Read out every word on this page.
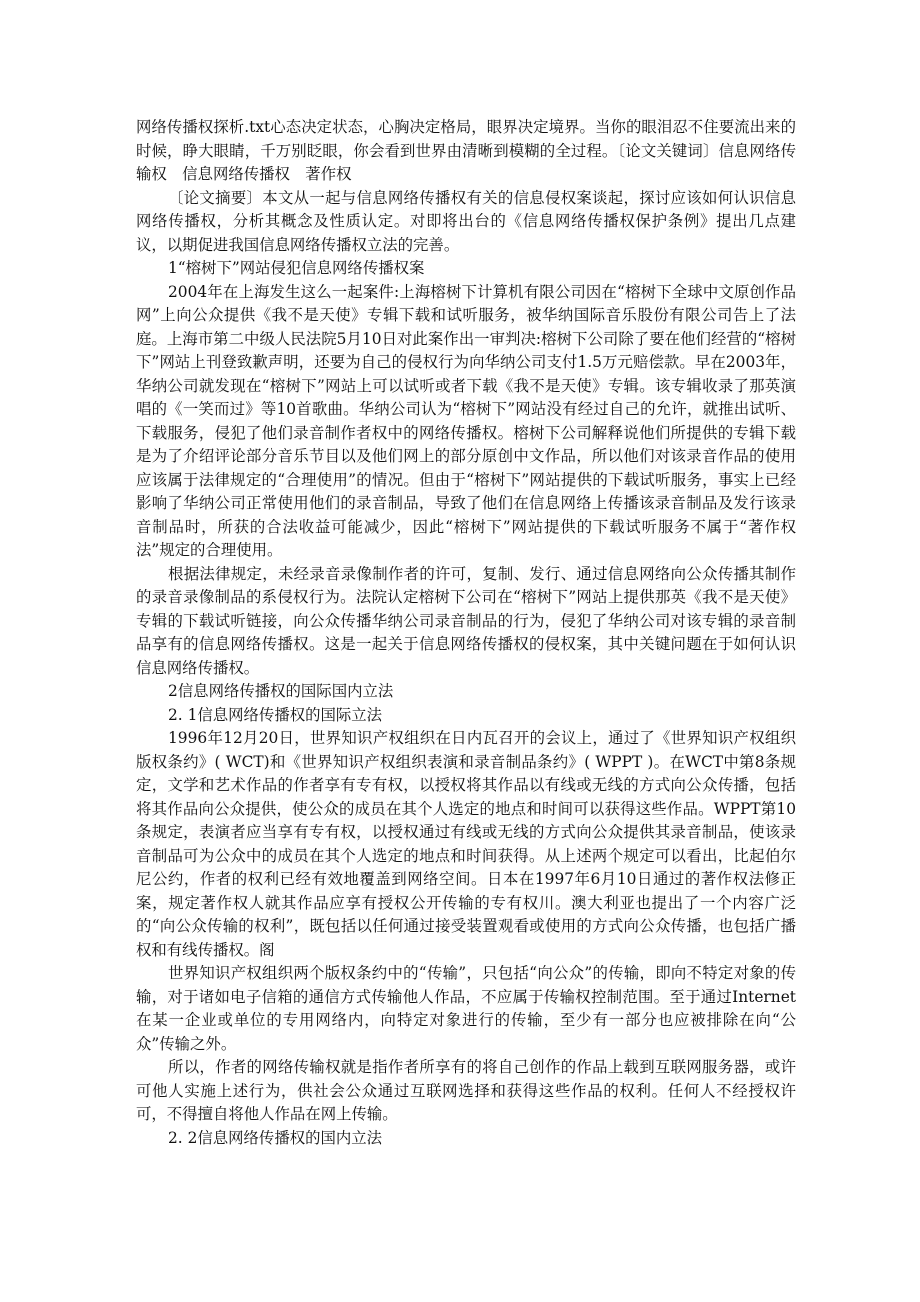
网络传播权探析.txt心态决定状态，心胸决定格局，眼界决定境界。当你的眼泪忍不住要流出来的时候，睁大眼睛，千万别眨眼，你会看到世界由清晰到模糊的全过程。〔论文关键词〕信息网络传输权　信息网络传播权　著作权

〔论文摘要〕本文从一起与信息网络传播权有关的信息侵权案谈起，探讨应该如何认识信息网络传播权，分析其概念及性质认定。对即将出台的《信息网络传播权保护条例》提出几点建议，以期促进我国信息网络传播权立法的完善。

1“榕树下”网站侵犯信息网络传播权案

2004年在上海发生这么一起案件:上海榕树下计算机有限公司因在“榕树下全球中文原创作品网”上向公众提供《我不是天使》专辑下载和试听服务，被华纳国际音乐股份有限公司告上了法庭。上海市第二中级人民法院5月10日对此案作出一审判决:榕树下公司除了要在他们经营的“榕树下”网站上刊登致歉声明，还要为自己的侵权行为向华纳公司支付1.5万元赔偿款。早在2003年，华纳公司就发现在“榕树下”网站上可以试听或者下载《我不是天使》专辑。该专辑收录了那英演唱的《一笑而过》等10首歌曲。华纳公司认为“榕树下”网站没有经过自己的允许，就推出试听、下载服务，侵犯了他们录音制作者权中的网络传播权。榕树下公司解释说他们所提供的专辑下载是为了介绍评论部分音乐节目以及他们网上的部分原创中文作品，所以他们对该录音作品的使用应该属于法律规定的“合理使用”的情况。但由于“榕树下”网站提供的下载试听服务，事实上已经影响了华纳公司正常使用他们的录音制品，导致了他们在信息网络上传播该录音制品及发行该录音制品时，所获的合法收益可能减少，因此“榕树下”网站提供的下载试听服务不属于“著作权法”规定的合理使用。

根据法律规定，未经录音录像制作者的许可，复制、发行、通过信息网络向公众传播其制作的录音录像制品的系侵权行为。法院认定榕树下公司在“榕树下”网站上提供那英《我不是天使》专辑的下载试听链接，向公众传播华纳公司录音制品的行为，侵犯了华纳公司对该专辑的录音制品享有的信息网络传播权。这是一起关于信息网络传播权的侵权案，其中关键问题在于如何认识信息网络传播权。

2信息网络传播权的国际国内立法

2. 1信息网络传播权的国际立法

1996年12月20日，世界知识产权组织在日内瓦召开的会议上，通过了《世界知识产权组织版权条约》( WCT)和《世界知识产权组织表演和录音制品条约》( WPPT )。在WCT中第8条规定，文学和艺术作品的作者享有专有权，以授权将其作品以有线或无线的方式向公众传播，包括将其作品向公众提供，使公众的成员在其个人选定的地点和时间可以获得这些作品。WPPT第10条规定，表演者应当享有专有权，以授权通过有线或无线的方式向公众提供其录音制品，使该录音制品可为公众中的成员在其个人选定的地点和时间获得。从上述两个规定可以看出，比起伯尔尼公约，作者的权利已经有效地覆盖到网络空间。日本在1997年6月10日通过的著作权法修正案，规定著作权人就其作品应享有授权公开传输的专有权川。澳大利亚也提出了一个内容广泛的“向公众传输的权利”，既包括以任何通过接受装置观看或使用的方式向公众传播，也包括广播权和有线传播权。阁

世界知识产权组织两个版权条约中的“传输”，只包括“向公众”的传输，即向不特定对象的传输，对于诸如电子信箱的通信方式传输他人作品，不应属于传输权控制范围。至于通过Internet在某一企业或单位的专用网络内，向特定对象进行的传输，至少有一部分也应被排除在向“公众”传输之外。

所以，作者的网络传输权就是指作者所享有的将自己创作的作品上载到互联网服务器，或许可他人实施上述行为，供社会公众通过互联网选择和获得这些作品的权利。任何人不经授权许可，不得擅自将他人作品在网上传输。

2. 2信息网络传播权的国内立法
